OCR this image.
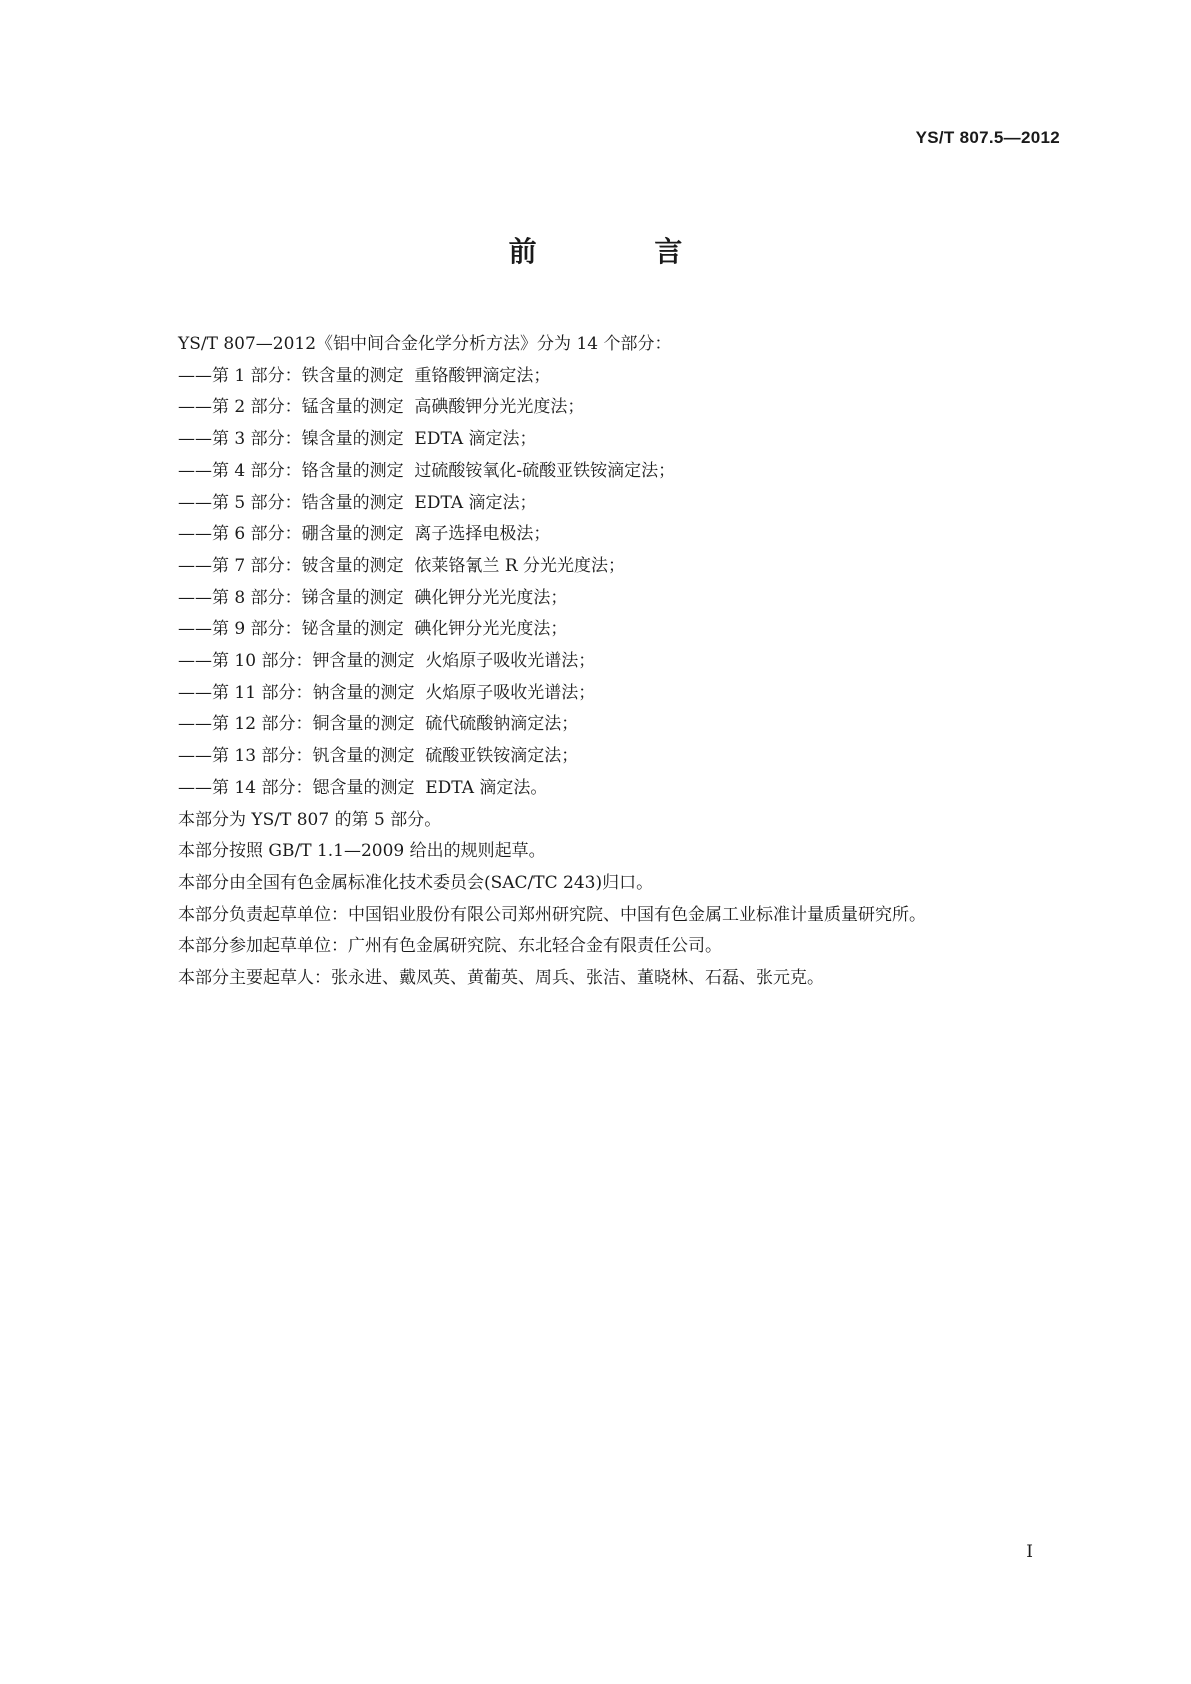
YS/T 807.5—2012
前 言

YS/T 807—2012《铝中间合金化学分析方法》分为 14 个部分：

——第 1 部分：铁含量的测定  重铬酸钾滴定法；

——第 2 部分：锰含量的测定  高碘酸钾分光光度法；

——第 3 部分：镍含量的测定  EDTA 滴定法；

——第 4 部分：铬含量的测定  过硫酸铵氧化-硫酸亚铁铵滴定法；

——第 5 部分：锆含量的测定  EDTA 滴定法；

——第 6 部分：硼含量的测定  离子选择电极法；

——第 7 部分：铍含量的测定  依莱铬氰兰 R 分光光度法；

——第 8 部分：锑含量的测定  碘化钾分光光度法；

——第 9 部分：铋含量的测定  碘化钾分光光度法；

——第 10 部分：钾含量的测定  火焰原子吸收光谱法；

——第 11 部分：钠含量的测定  火焰原子吸收光谱法；

——第 12 部分：铜含量的测定  硫代硫酸钠滴定法；

——第 13 部分：钒含量的测定  硫酸亚铁铵滴定法；

——第 14 部分：锶含量的测定  EDTA 滴定法。

本部分为 YS/T 807 的第 5 部分。

本部分按照 GB/T 1.1—2009 给出的规则起草。

本部分由全国有色金属标准化技术委员会(SAC/TC 243)归口。

本部分负责起草单位：中国铝业股份有限公司郑州研究院、中国有色金属工业标准计量质量研究所。

本部分参加起草单位：广州有色金属研究院、东北轻合金有限责任公司。

本部分主要起草人：张永进、戴凤英、黄葡英、周兵、张洁、董晓林、石磊、张元克。

I
